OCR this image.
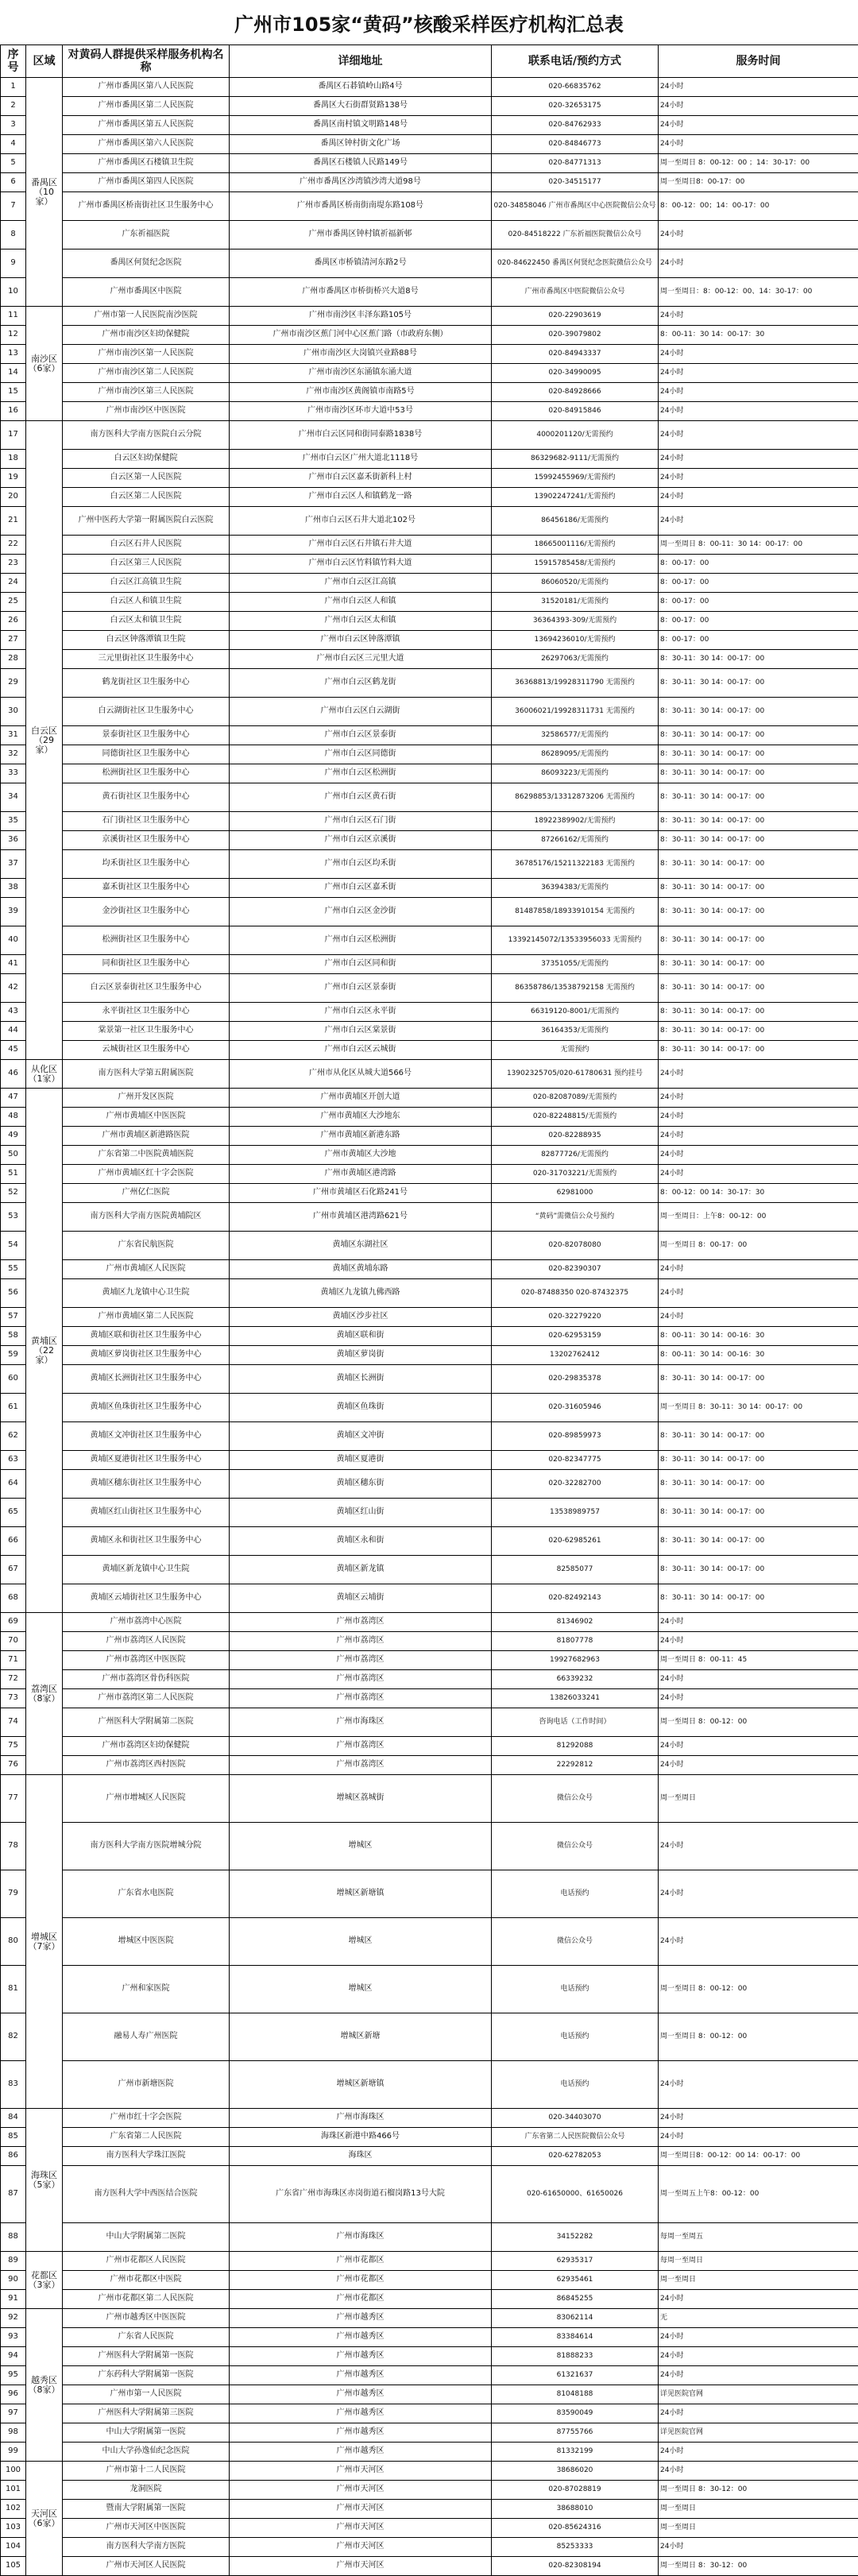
广州市105家“黄码”核酸采样医疗机构汇总表
序号	区域	对黄码人群提供采样服务机构名称	详细地址	联系电话/预约方式	服务时间
1	番禺区（10家）	广州市番禺区第八人民医院	番禺区石碁镇岭山路4号	020-66835762	24小时
2		广州市番禺区第二人民医院	番禺区大石街群贤路138号	020-32653175	24小时
3		广州市番禺区第五人民医院	番禺区南村镇文明路148号	020-84762933	24小时
4		广州市番禺区第六人民医院	番禺区钟村街文化广场	020-84846773	24小时
5		广州市番禺区石楼镇卫生院	番禺区石楼镇人民路149号	020-84771313	周一至周日 8：00-12：00 ；14：30-17：00
6		广州市番禺区第四人民医院	广州市番禺区沙湾镇沙湾大道98号	020-34515177	周一至周日8：00-17：00
7		广州市番禺区桥南街社区卫生服务中心	广州市番禺区桥南街南堤东路108号	020-34858046 广州市番禺区中心医院微信公众号	8：00-12：00；14：00-17：00
8		广东祈福医院	广州市番禺区钟村镇祈福新邨	020-84518222 广东祈福医院微信公众号	24小时
9		番禺区何贤纪念医院	番禺区市桥镇清河东路2号	020-84622450 番禺区何贤纪念医院微信公众号	24小时
10		广州市番禺区中医院	广州市番禺区市桥街桥兴大道8号	广州市番禺区中医院微信公众号	周一至周日：8：00-12：00、14：30-17：00
11	南沙区（6家）	广州市第一人民医院南沙医院	广州市南沙区丰泽东路105号	020-22903619	24小时
12		广州市南沙区妇幼保健院	广州市南沙区蕉门河中心区蕉门路（市政府东侧）	020-39079802	8：00-11：30 14：00-17：30
13		广州市南沙区第一人民医院	广州市南沙区大岗镇兴业路88号	020-84943337	24小时
14		广州市南沙区第二人民医院	广州市南沙区东涌镇东涌大道	020-34990095	24小时
15		广州市南沙区第三人民医院	广州市南沙区黄阁镇市南路5号	020-84928666	24小时
16		广州市南沙区中医医院	广州市南沙区环市大道中53号	020-84915846	24小时
17	白云区（29家）	南方医科大学南方医院白云分院	广州市白云区同和街同泰路1838号	4000201120/无需预约	24小时
18		白云区妇幼保健院	广州市白云区广州大道北1118号	86329682-9111/无需预约	24小时
19		白云区第一人民医院	广州市白云区嘉禾街新科上村	15992455969/无需预约	24小时
20		白云区第二人民医院	广州市白云区人和镇鹤龙一路	13902247241/无需预约	24小时
21		广州中医药大学第一附属医院白云医院	广州市白云区石井大道北102号	86456186/无需预约	24小时
22		白云区石井人民医院	广州市白云区石井镇石井大道	18665001116/无需预约	周一至周日 8：00-11：30 14：00-17：00
23		白云区第三人民医院	广州市白云区竹料镇竹料大道	15915785458/无需预约	8：00-17：00
24		白云区江高镇卫生院	广州市白云区江高镇	86060520/无需预约	8：00-17：00
25		白云区人和镇卫生院	广州市白云区人和镇	31520181/无需预约	8：00-17：00
26		白云区太和镇卫生院	广州市白云区太和镇	36364393-309/无需预约	8：00-17：00
27		白云区钟落潭镇卫生院	广州市白云区钟落潭镇	13694236010/无需预约	8：00-17：00
28		三元里街社区卫生服务中心	广州市白云区三元里大道	26297063/无需预约	8：30-11：30 14：00-17：00
29		鹤龙街社区卫生服务中心	广州市白云区鹤龙街	36368813/19928311790 无需预约	8：30-11：30 14：00-17：00
30		白云湖街社区卫生服务中心	广州市白云区白云湖街	36006021/19928311731 无需预约	8：30-11：30 14：00-17：00
31		景泰街社区卫生服务中心	广州市白云区景泰街	32586577/无需预约	8：30-11：30 14：00-17：00
32		同德街社区卫生服务中心	广州市白云区同德街	86289095/无需预约	8：30-11：30 14：00-17：00
33		松洲街社区卫生服务中心	广州市白云区松洲街	86093223/无需预约	8：30-11：30 14：00-17：00
34		黄石街社区卫生服务中心	广州市白云区黄石街	86298853/13312873206 无需预约	8：30-11：30 14：00-17：00
35		石门街社区卫生服务中心	广州市白云区石门街	18922389902/无需预约	8：30-11：30 14：00-17：00
36		京溪街社区卫生服务中心	广州市白云区京溪街	87266162/无需预约	8：30-11：30 14：00-17：00
37		均禾街社区卫生服务中心	广州市白云区均禾街	36785176/15211322183 无需预约	8：30-11：30 14：00-17：00
38		嘉禾街社区卫生服务中心	广州市白云区嘉禾街	36394383/无需预约	8：30-11：30 14：00-17：00
39		金沙街社区卫生服务中心	广州市白云区金沙街	81487858/18933910154 无需预约	8：30-11：30 14：00-17：00
40		松洲街社区卫生服务中心	广州市白云区松洲街	13392145072/13533956033 无需预约	8：30-11：30 14：00-17：00
41		同和街社区卫生服务中心	广州市白云区同和街	37351055/无需预约	8：30-11：30 14：00-17：00
42		白云区景泰街社区卫生服务中心	广州市白云区景泰街	86358786/13538792158 无需预约	8：30-11：30 14：00-17：00
43		永平街社区卫生服务中心	广州市白云区永平街	66319120-8001/无需预约	8：30-11：30 14：00-17：00
44		棠景第一社区卫生服务中心	广州市白云区棠景街	36164353/无需预约	8：30-11：30 14：00-17：00
45		云城街社区卫生服务中心	广州市白云区云城街	无需预约	8：30-11：30 14：00-17：00
46	从化区（1家）	南方医科大学第五附属医院	广州市从化区从城大道566号	13902325705/020-61780631 预约挂号	24小时
47	黄埔区（22家）	广州开发区医院	广州市黄埔区开创大道	020-82087089/无需预约	24小时
48		广州市黄埔区中医医院	广州市黄埔区大沙地东	020-82248815/无需预约	24小时
49		广州市黄埔区新港路医院	广州市黄埔区新港东路	020-82288935	24小时
50		广东省第二中医院黄埔医院	广州市黄埔区大沙地	82877726/无需预约	24小时
51		广州市黄埔区红十字会医院	广州市黄埔区港湾路	020-31703221/无需预约	24小时
52		广州亿仁医院	广州市黄埔区石化路241号	62981000	8：00-12：00 14：30-17：30
53		南方医科大学南方医院黄埔院区	广州市黄埔区港湾路621号	“黄码”需微信公众号预约	周一至周日：上午8：00-12：00
54		广东省民航医院	黄埔区东湖社区	020-82078080	周一至周日 8：00-17：00
55		广州市黄埔区人民医院	黄埔区黄埔东路	020-82390307	24小时
56		黄埔区九龙镇中心卫生院	黄埔区九龙镇九佛西路	020-87488350 020-87432375	24小时
57		广州市黄埔区第二人民医院	黄埔区沙步社区	020-32279220	24小时
58		黄埔区联和街社区卫生服务中心	黄埔区联和街	020-62953159	8：00-11：30 14：00-16：30
59		黄埔区萝岗街社区卫生服务中心	黄埔区萝岗街	13202762412	8：00-11：30 14：00-16：30
60		黄埔区长洲街社区卫生服务中心	黄埔区长洲街	020-29835378	8：30-11：30 14：00-17：00
61		黄埔区鱼珠街社区卫生服务中心	黄埔区鱼珠街	020-31605946	周一至周日 8：30-11：30 14：00-17：00
62		黄埔区文冲街社区卫生服务中心	黄埔区文冲街	020-89859973	8：30-11：30 14：00-17：00
63		黄埔区夏港街社区卫生服务中心	黄埔区夏港街	020-82347775	8：30-11：30 14：00-17：00
64		黄埔区穗东街社区卫生服务中心	黄埔区穗东街	020-32282700	8：30-11：30 14：00-17：00
65		黄埔区红山街社区卫生服务中心	黄埔区红山街	13538989757	8：30-11：30 14：00-17：00
66		黄埔区永和街社区卫生服务中心	黄埔区永和街	020-62985261	8：30-11：30 14：00-17：00
67		黄埔区新龙镇中心卫生院	黄埔区新龙镇	82585077	8：30-11：30 14：00-17：00
68		黄埔区云埔街社区卫生服务中心	黄埔区云埔街	020-82492143	8：30-11：30 14：00-17：00
69	荔湾区（8家）	广州市荔湾中心医院	广州市荔湾区	81346902	24小时
70		广州市荔湾区人民医院	广州市荔湾区	81807778	24小时
71		广州市荔湾区中医医院	广州市荔湾区	19927682963	周一至周日 8：00-11：45
72		广州市荔湾区骨伤科医院	广州市荔湾区	66339232	24小时
73		广州市荔湾区第二人民医院	广州市荔湾区	13826033241	24小时
74		广州医科大学附属第二医院	广州市海珠区	咨询电话（工作时间）	周一至周日 8：00-12：00
75		广州市荔湾区妇幼保健院	广州市荔湾区	81292088	24小时
76		广州市荔湾区西村医院	广州市荔湾区	22292812	24小时
77	增城区（7家）	广州市增城区人民医院	增城区荔城街	微信公众号	周一至周日
78		南方医科大学南方医院增城分院	增城区	微信公众号	24小时
79		广东省水电医院	增城区新塘镇	电话预约	24小时
80		增城区中医医院	增城区	微信公众号	24小时
81		广州和家医院	增城区	电话预约	周一至周日 8：00-12：00
82		融易人寿广州医院	增城区新塘	电话预约	周一至周日 8：00-12：00
83		广州市新塘医院	增城区新塘镇	电话预约	24小时
84	海珠区（5家）	广州市红十字会医院	广州市海珠区	020-34403070	24小时
85		广东省第二人民医院	海珠区新港中路466号	广东省第二人民医院微信公众号	24小时
86		南方医科大学珠江医院	海珠区	020-62782053	周一至周日8：00-12：00 14：00-17：00
87		南方医科大学中西医结合医院	广东省广州市海珠区赤岗街道石榴岗路13号大院	020-61650000、61650026	周一至周五上午8：00-12：00
88		中山大学附属第二医院	广州市海珠区	34152282	每周一至周五
89	花都区（3家）	广州市花都区人民医院	广州市花都区	62935317	每周一至周日
90		广州市花都区中医院	广州市花都区	62935461	周一至周日
91		广州市花都区第二人民医院	广州市花都区	86845255	24小时
92	越秀区（8家）	广州市越秀区中医医院	广州市越秀区	83062114	无
93		广东省人民医院	广州市越秀区	83384614	24小时
94		广州医科大学附属第一医院	广州市越秀区	81888233	24小时
95		广东药科大学附属第一医院	广州市越秀区	61321637	24小时
96		广州市第一人民医院	广州市越秀区	81048188	详见医院官网
97		广州医科大学附属第三医院	广州市越秀区	83590049	24小时
98		中山大学附属第一医院	广州市越秀区	87755766	详见医院官网
99		中山大学孙逸仙纪念医院	广州市越秀区	81332199	24小时
100	天河区（6家）	广州市第十二人民医院	广州市天河区	38686020	24小时
101		龙洞医院	广州市天河区	020-87028819	周一至周日 8：30-12：00
102		暨南大学附属第一医院	广州市天河区	38688010	周一至周日
103		广州市天河区中医医院	广州市天河区	020-85624316	周一至周日
104		南方医科大学南方医院	广州市天河区	85253333	24小时
105		广州市天河区人民医院	广州市天河区	020-82308194	周一至周日 8：30-12：00
